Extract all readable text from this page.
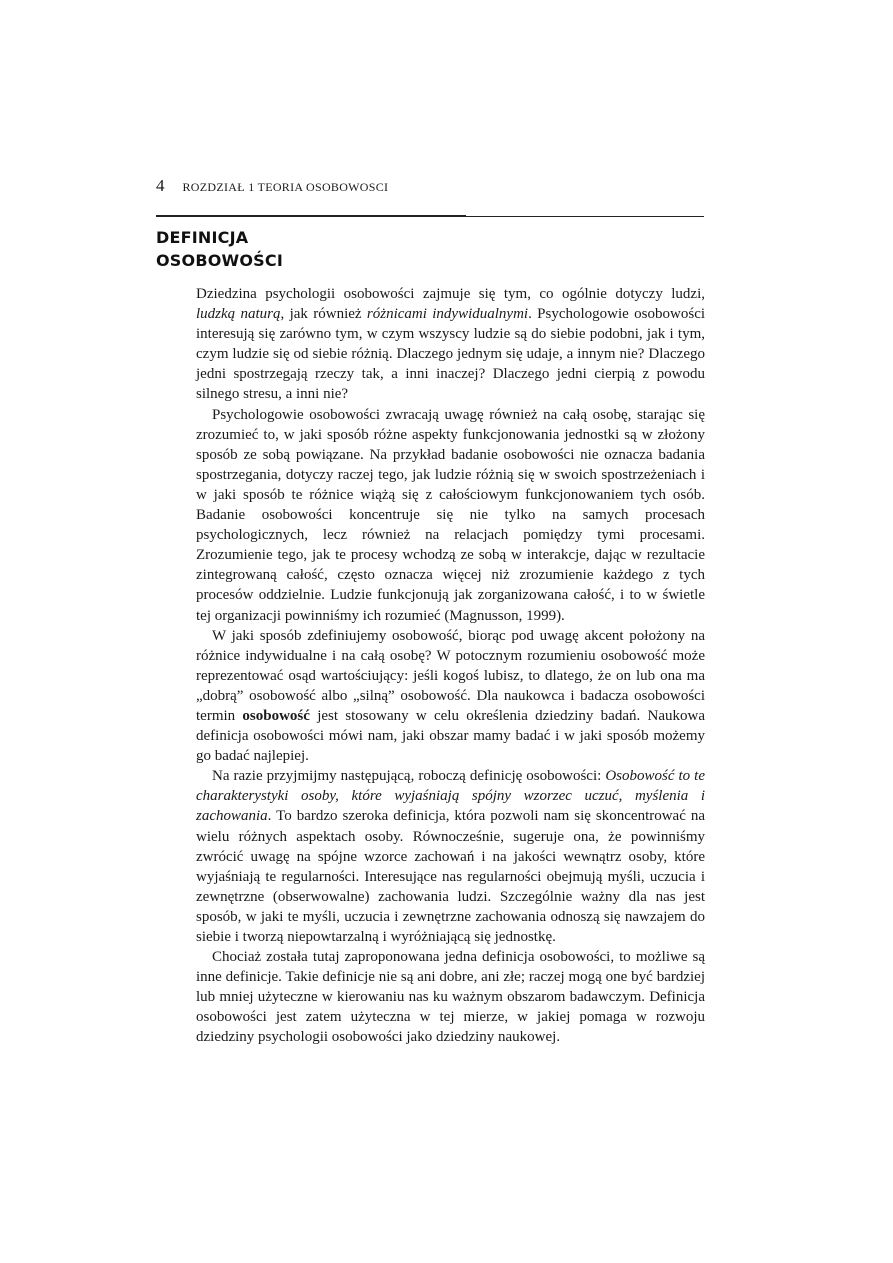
4 ROZDZIAŁ 1 TEORIA OSOBOWOSCI
DEFINICJA
OSOBOWOŚCI

Dziedzina psychologii osobowości zajmuje się tym, co ogólnie dotyczy ludzi, ludzką naturą, jak również różnicami indywidualnymi. Psychologowie osobowości interesują się zarówno tym, w czym wszyscy ludzie są do siebie podobni, jak i tym, czym ludzie się od siebie różnią. Dlaczego jednym się udaje, a innym nie? Dlaczego jedni spostrzegają rzeczy tak, a inni inaczej? Dlaczego jedni cierpią z powodu silnego stresu, a inni nie?

Psychologowie osobowości zwracają uwagę również na całą osobę, starając się zrozumieć to, w jaki sposób różne aspekty funkcjonowania jednostki są w złożony sposób ze sobą powiązane. Na przykład badanie osobowości nie oznacza badania spostrzegania, dotyczy raczej tego, jak ludzie różnią się w swoich spostrzeżeniach i w jaki sposób te różnice wiążą się z całościowym funkcjonowaniem tych osób. Badanie osobowości koncentruje się nie tylko na samych procesach psychologicznych, lecz również na relacjach pomiędzy tymi procesami. Zrozumienie tego, jak te procesy wchodzą ze sobą w interakcje, dając w rezultacie zintegrowaną całość, często oznacza więcej niż zrozumienie każdego z tych procesów oddzielnie. Ludzie funkcjonują jak zorganizowana całość, i to w świetle tej organizacji powinniśmy ich rozumieć (Magnusson, 1999).

W jaki sposób zdefiniujemy osobowość, biorąc pod uwagę akcent położony na różnice indywidualne i na całą osobę? W potocznym rozumieniu osobowość może reprezentować osąd wartościujący: jeśli kogoś lubisz, to dlatego, że on lub ona ma „dobrą” osobowość albo „silną” osobowość. Dla naukowca i badacza osobowości termin osobowość jest stosowany w celu określenia dziedziny badań. Naukowa definicja osobowości mówi nam, jaki obszar mamy badać i w jaki sposób możemy go badać najlepiej.

Na razie przyjmijmy następującą, roboczą definicję osobowości: Osobowość to te charakterystyki osoby, które wyjaśniają spójny wzorzec uczuć, myślenia i zachowania. To bardzo szeroka definicja, która pozwoli nam się skoncentrować na wielu różnych aspektach osoby. Równocześnie, sugeruje ona, że powinniśmy zwrócić uwagę na spójne wzorce zachowań i na jakości wewnątrz osoby, które wyjaśniają te regularności. Interesujące nas regularności obejmują myśli, uczucia i zewnętrzne (obserwowalne) zachowania ludzi. Szczególnie ważny dla nas jest sposób, w jaki te myśli, uczucia i zewnętrzne zachowania odnoszą się nawzajem do siebie i tworzą niepowtarzalną i wyróżniającą się jednostkę.

Chociaż została tutaj zaproponowana jedna definicja osobowości, to możliwe są inne definicje. Takie definicje nie są ani dobre, ani złe; raczej mogą one być bardziej lub mniej użyteczne w kierowaniu nas ku ważnym obszarom badawczym. Definicja osobowości jest zatem użyteczna w tej mierze, w jakiej pomaga w rozwoju dziedziny psychologii osobowości jako dziedziny naukowej.
